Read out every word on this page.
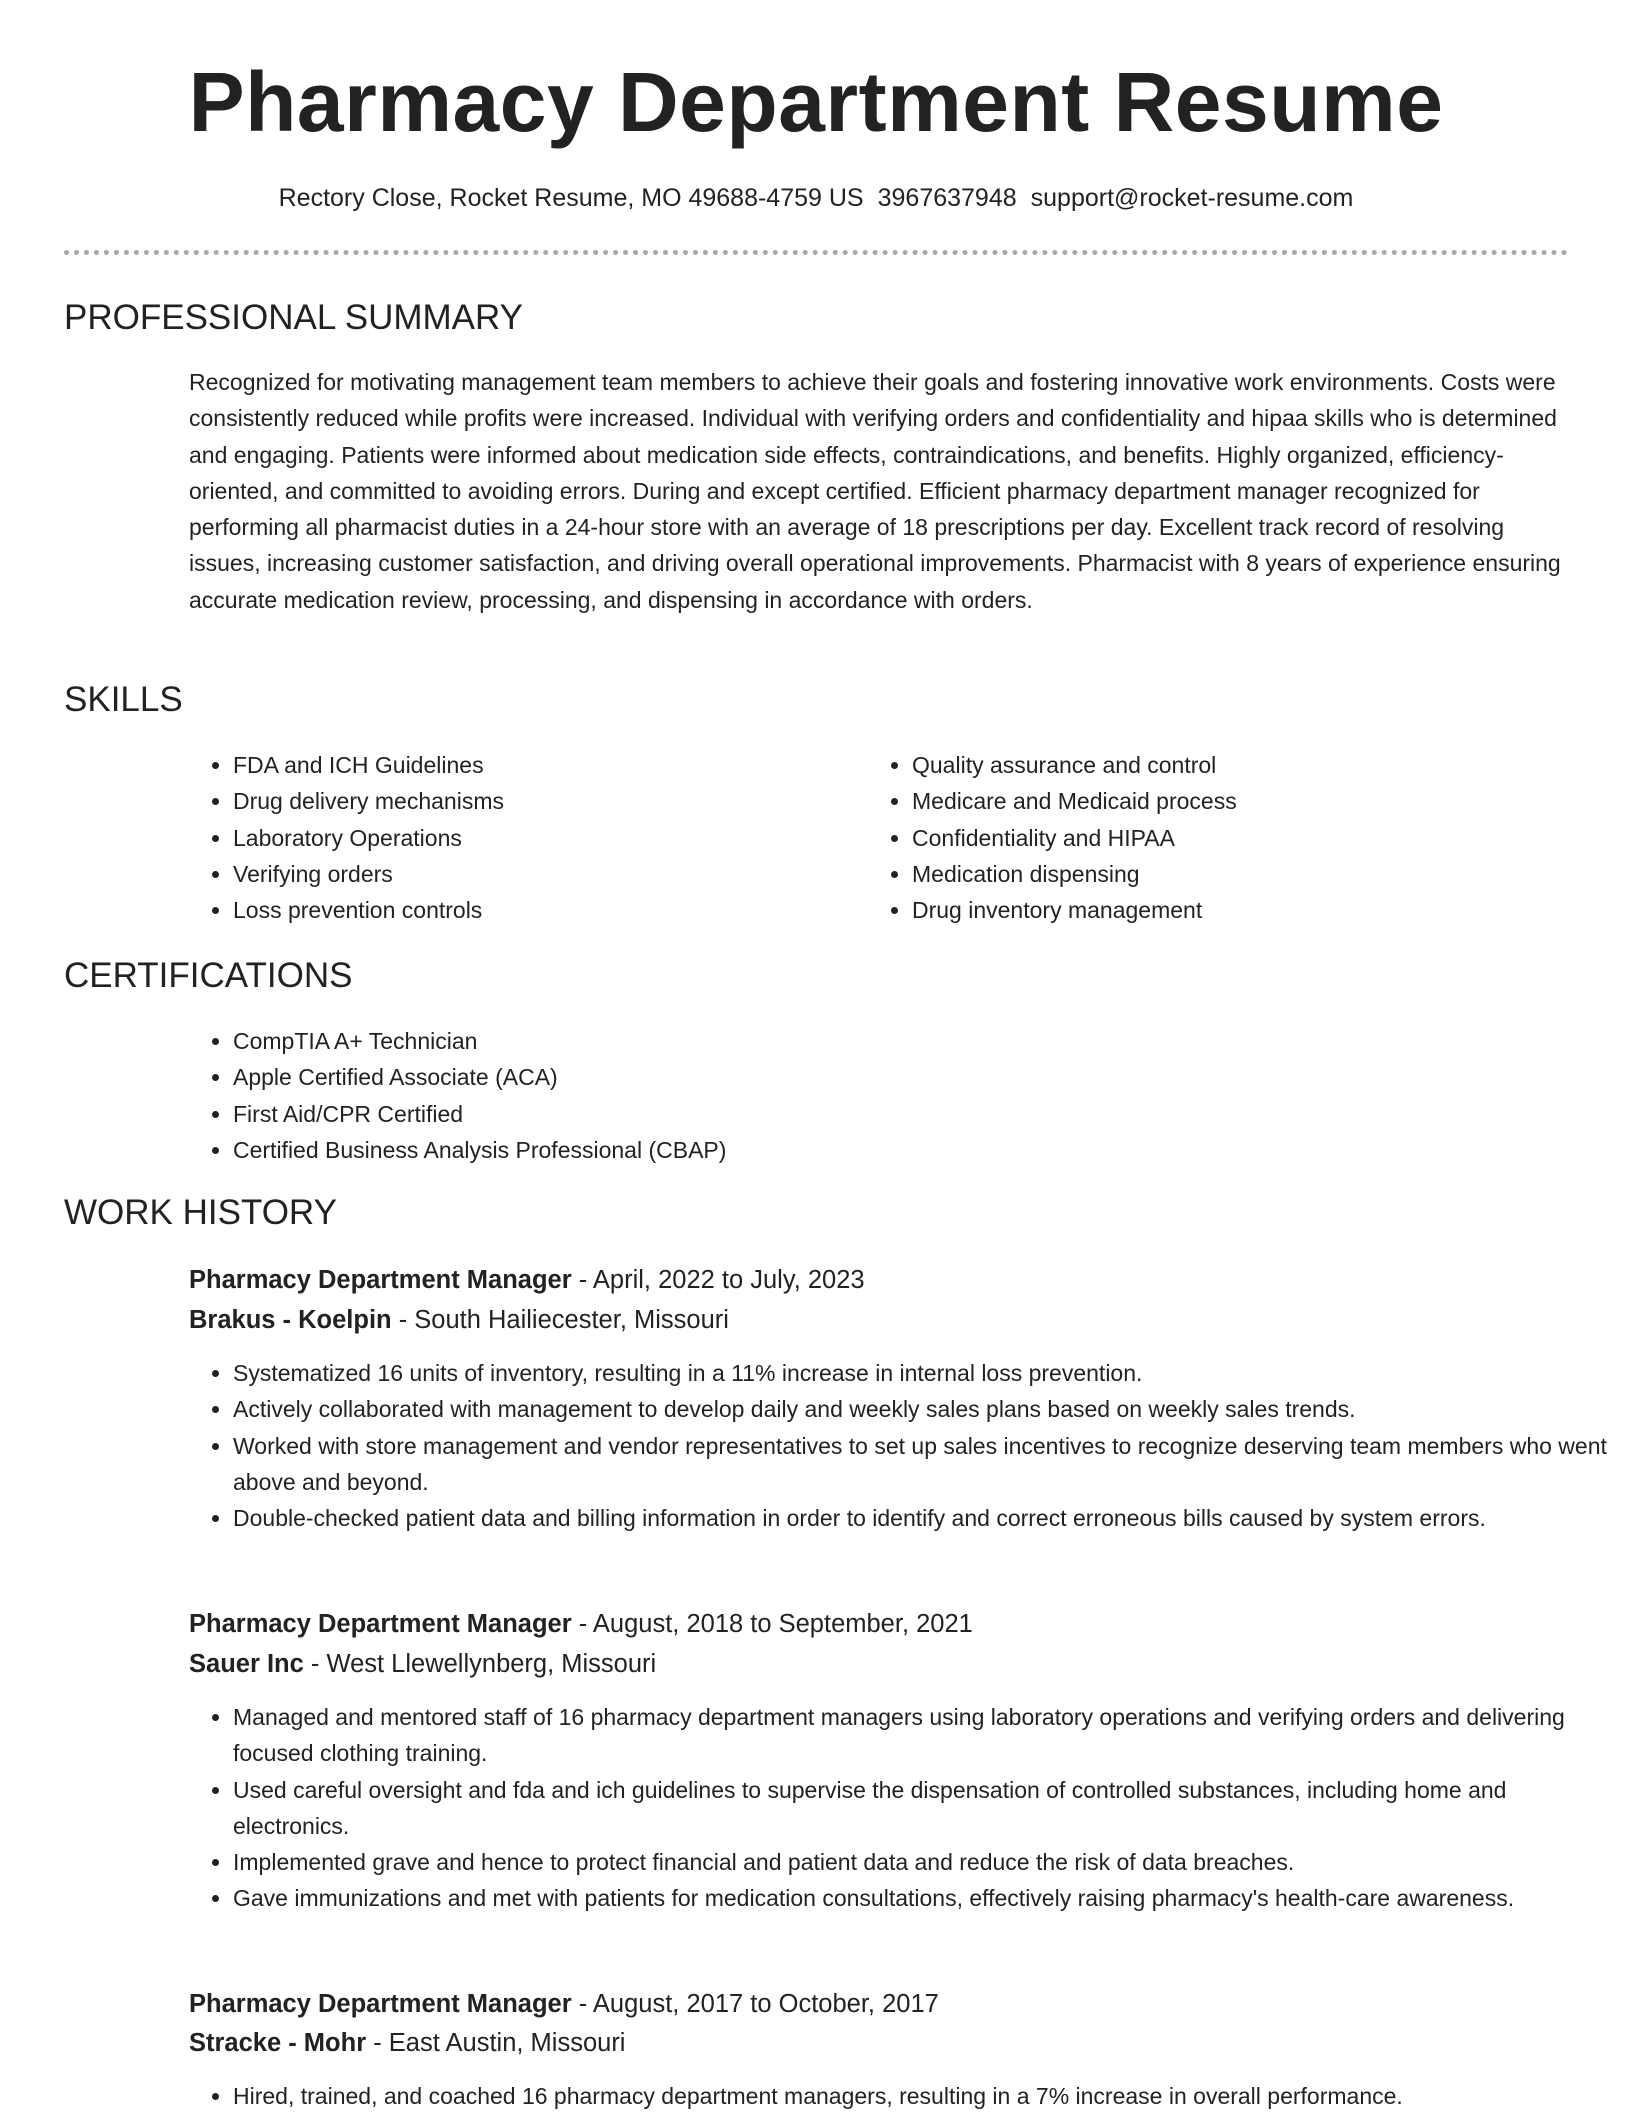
Pharmacy Department Resume
Rectory Close, Rocket Resume, MO 49688-4759 US 3967637948 support@rocket-resume.com
PROFESSIONAL SUMMARY

Recognized for motivating management team members to achieve their goals and fostering innovative work environments. Costs were consistently reduced while profits were increased. Individual with verifying orders and confidentiality and hipaa skills who is determined and engaging. Patients were informed about medication side effects, contraindications, and benefits. Highly organized, efficiency-oriented, and committed to avoiding errors. During and except certified. Efficient pharmacy department manager recognized for performing all pharmacist duties in a 24-hour store with an average of 18 prescriptions per day. Excellent track record of resolving issues, increasing customer satisfaction, and driving overall operational improvements. Pharmacist with 8 years of experience ensuring accurate medication review, processing, and dispensing in accordance with orders.

SKILLS
• FDA and ICH Guidelines
• Drug delivery mechanisms
• Laboratory Operations
• Verifying orders
• Loss prevention controls
• Quality assurance and control
• Medicare and Medicaid process
• Confidentiality and HIPAA
• Medication dispensing
• Drug inventory management
CERTIFICATIONS
• CompTIA A+ Technician
• Apple Certified Associate (ACA)
• First Aid/CPR Certified
• Certified Business Analysis Professional (CBAP)
WORK HISTORY
Pharmacy Department Manager - April, 2022 to July, 2023
Brakus - Koelpin - South Hailiecester, Missouri
• Systematized 16 units of inventory, resulting in a 11% increase in internal loss prevention.
• Actively collaborated with management to develop daily and weekly sales plans based on weekly sales trends.
• Worked with store management and vendor representatives to set up sales incentives to recognize deserving team members who went above and beyond.
• Double-checked patient data and billing information in order to identify and correct erroneous bills caused by system errors.
Pharmacy Department Manager - August, 2018 to September, 2021
Sauer Inc - West Llewellynberg, Missouri
• Managed and mentored staff of 16 pharmacy department managers using laboratory operations and verifying orders and delivering focused clothing training.
• Used careful oversight and fda and ich guidelines to supervise the dispensation of controlled substances, including home and electronics.
• Implemented grave and hence to protect financial and patient data and reduce the risk of data breaches.
• Gave immunizations and met with patients for medication consultations, effectively raising pharmacy's health-care awareness.
Pharmacy Department Manager - August, 2017 to October, 2017
Stracke - Mohr - East Austin, Missouri
• Hired, trained, and coached 16 pharmacy department managers, resulting in a 7% increase in overall performance.
